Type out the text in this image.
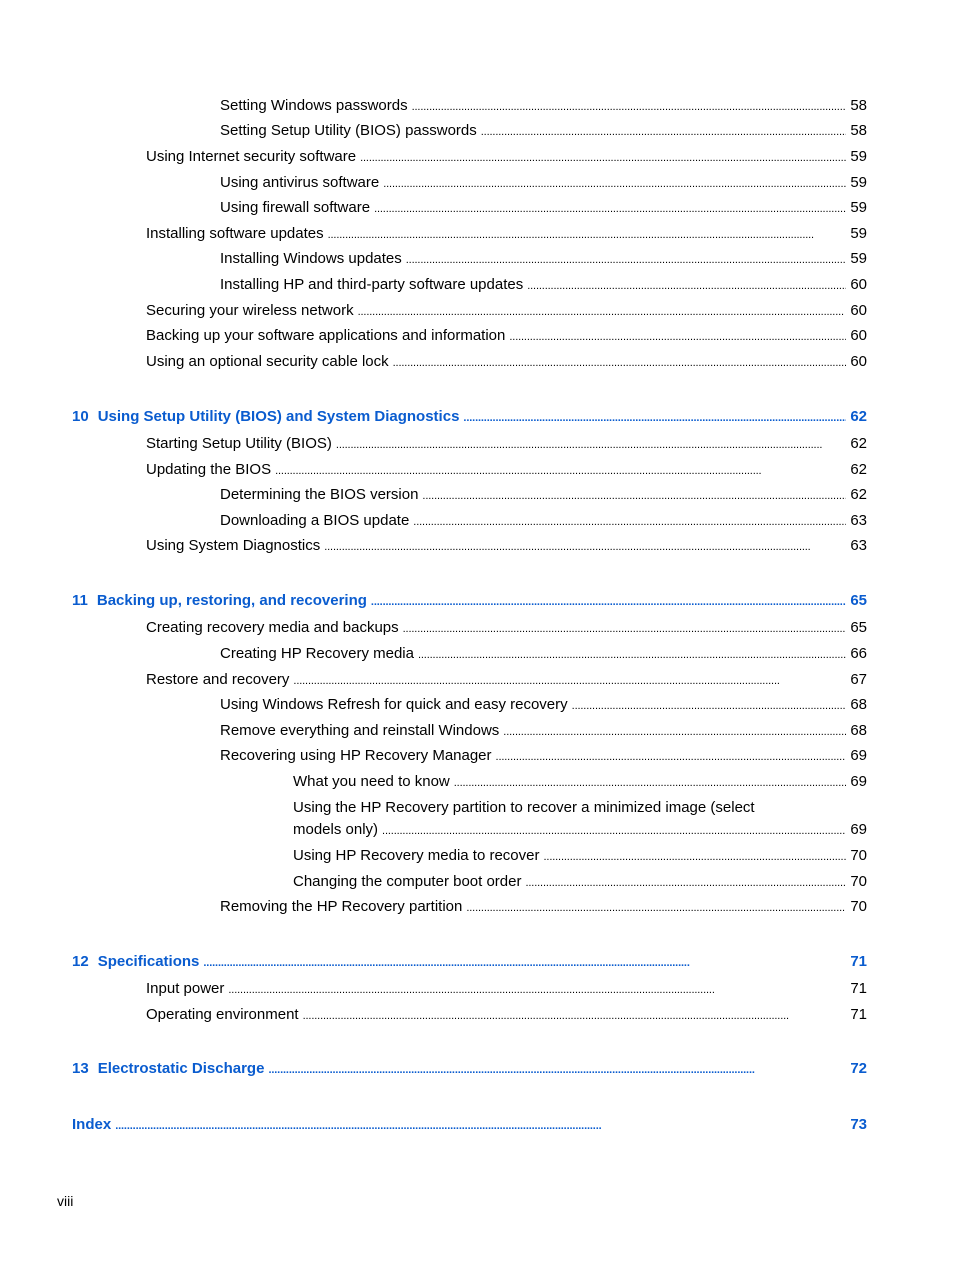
Setting Windows passwords . . .	58
Setting Setup Utility (BIOS) passwords . . .	58
Using Internet security software . . .	59
Using antivirus software . . .	59
Using firewall software . . .	59
Installing software updates . . .	59
Installing Windows updates . . .	59
Installing HP and third-party software updates . . .	60
Securing your wireless network . . .	60
Backing up your software applications and information . . .	60
Using an optional security cable lock . . .	60
10 Using Setup Utility (BIOS) and System Diagnostics . . .	62
Starting Setup Utility (BIOS) . . .	62
Updating the BIOS . . .	62
Determining the BIOS version . . .	62
Downloading a BIOS update . . .	63
Using System Diagnostics . . .	63
11 Backing up, restoring, and recovering . . .	65
Creating recovery media and backups . . .	65
Creating HP Recovery media . . .	66
Restore and recovery . . .	67
Using Windows Refresh for quick and easy recovery . . .	68
Remove everything and reinstall Windows . . .	68
Recovering using HP Recovery Manager . . .	69
What you need to know . . .	69
Using the HP Recovery partition to recover a minimized image (select
models only) . . .	69
Using HP Recovery media to recover . . .	70
Changing the computer boot order . . .	70
Removing the HP Recovery partition . . .	70
12 Specifications . . .	71
Input power . . .	71
Operating environment . . .	71
13 Electrostatic Discharge . . .	72
Index . . .	73
viii
